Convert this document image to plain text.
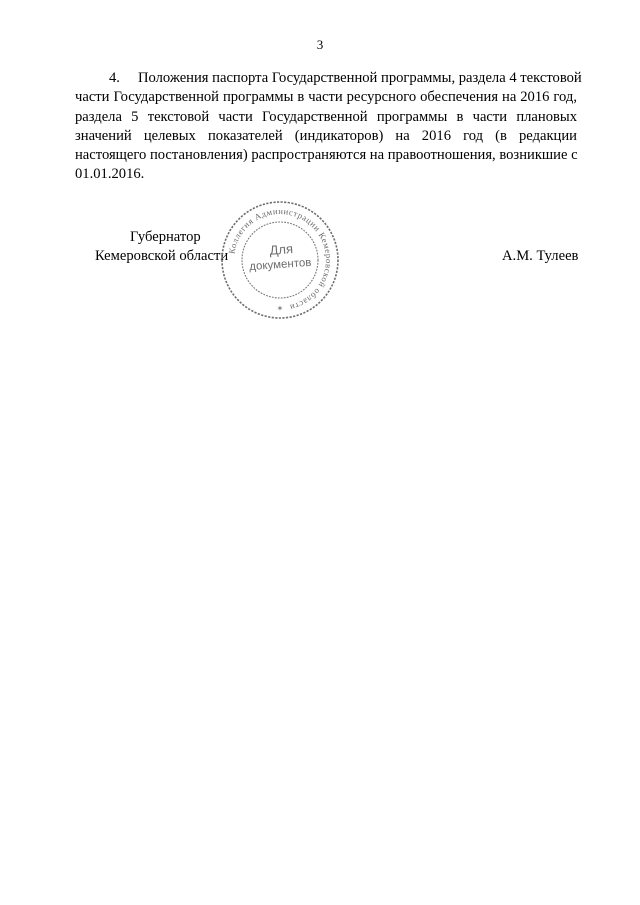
3
4. Положения паспорта Государственной программы, раздела 4 текстовой
части Государственной программы в части ресурсного обеспечения на 2016 год,
раздела 5 текстовой части Государственной программы в части плановых
значений целевых показателей (индикаторов) на 2016 год (в редакции
настоящего постановления) распространяются на правоотношения, возникшие с
01.01.2016.
Губернатор
Кемеровской области	А.М. Тулеев
Коллегия Администрации Кемеровской области
✶
Для
документов
